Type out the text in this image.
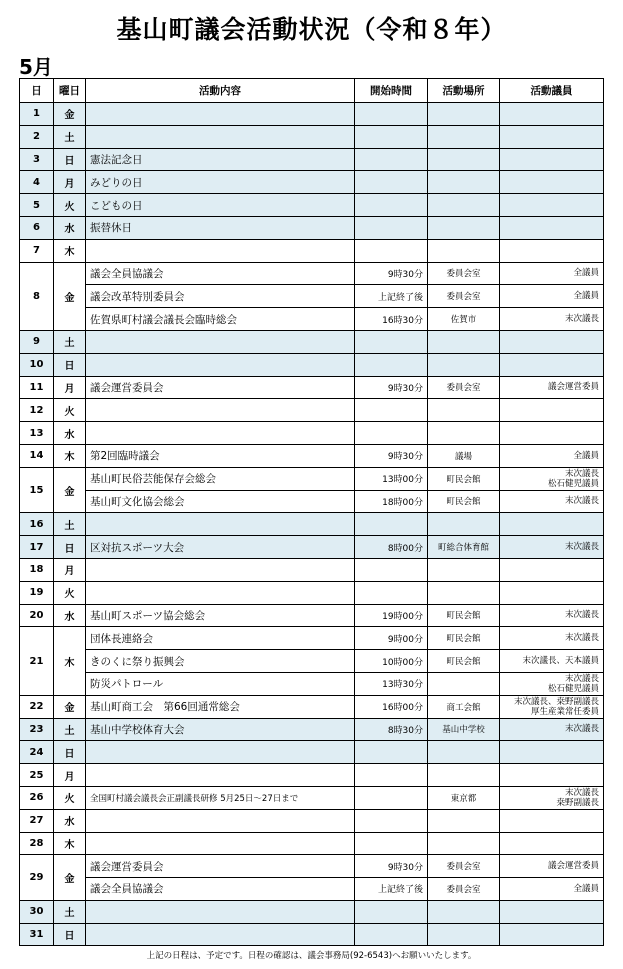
基山町議会活動状況（令和８年）
5月
日	曜日	活動内容	開始時間	活動場所	活動議員
1	金				
2	土				
3	日	憲法記念日			
4	月	みどりの日			
5	火	こどもの日			
6	水	振替休日			
7	木				
8	金	議会全員協議会	9時30分	委員会室	全議員
		議会改革特別委員会	上記終了後	委員会室	全議員
		佐賀県町村議会議長会臨時総会	16時30分	佐賀市	末次議長
9	土				
10	日				
11	月	議会運営委員会	9時30分	委員会室	議会運営委員
12	火				
13	水				
14	木	第2回臨時議会	9時30分	議場	全議員
15	金	基山町民俗芸能保存会総会	13時00分	町民会館	末次議長
松石健児議員
		基山町文化協会総会	18時00分	町民会館	末次議長
16	土				
17	日	区対抗スポーツ大会	8時00分	町総合体育館	末次議長
18	月				
19	火				
20	水	基山町スポーツ協会総会	19時00分	町民会館	末次議長
21	木	団体長連絡会	9時00分	町民会館	末次議長
		きのくに祭り振興会	10時00分	町民会館	末次議長、天本議員
		防災パトロール	13時30分		末次議長
松石健児議員
22	金	基山町商工会　第66回通常総会	16時00分	商工会館	末次議長、桒野副議長
厚生産業常任委員
23	土	基山中学校体育大会	8時30分	基山中学校	末次議長
24	日				
25	月				
26	火	全国町村議会議長会正副議長研修 5月25日～27日まで		東京都	末次議長
桒野副議長
27	水				
28	木				
29	金	議会運営委員会	9時30分	委員会室	議会運営委員
		議会全員協議会	上記終了後	委員会室	全議員
30	土				
31	日				
上記の日程は、予定です。日程の確認は、議会事務局(92-6543)へお願いいたします。
